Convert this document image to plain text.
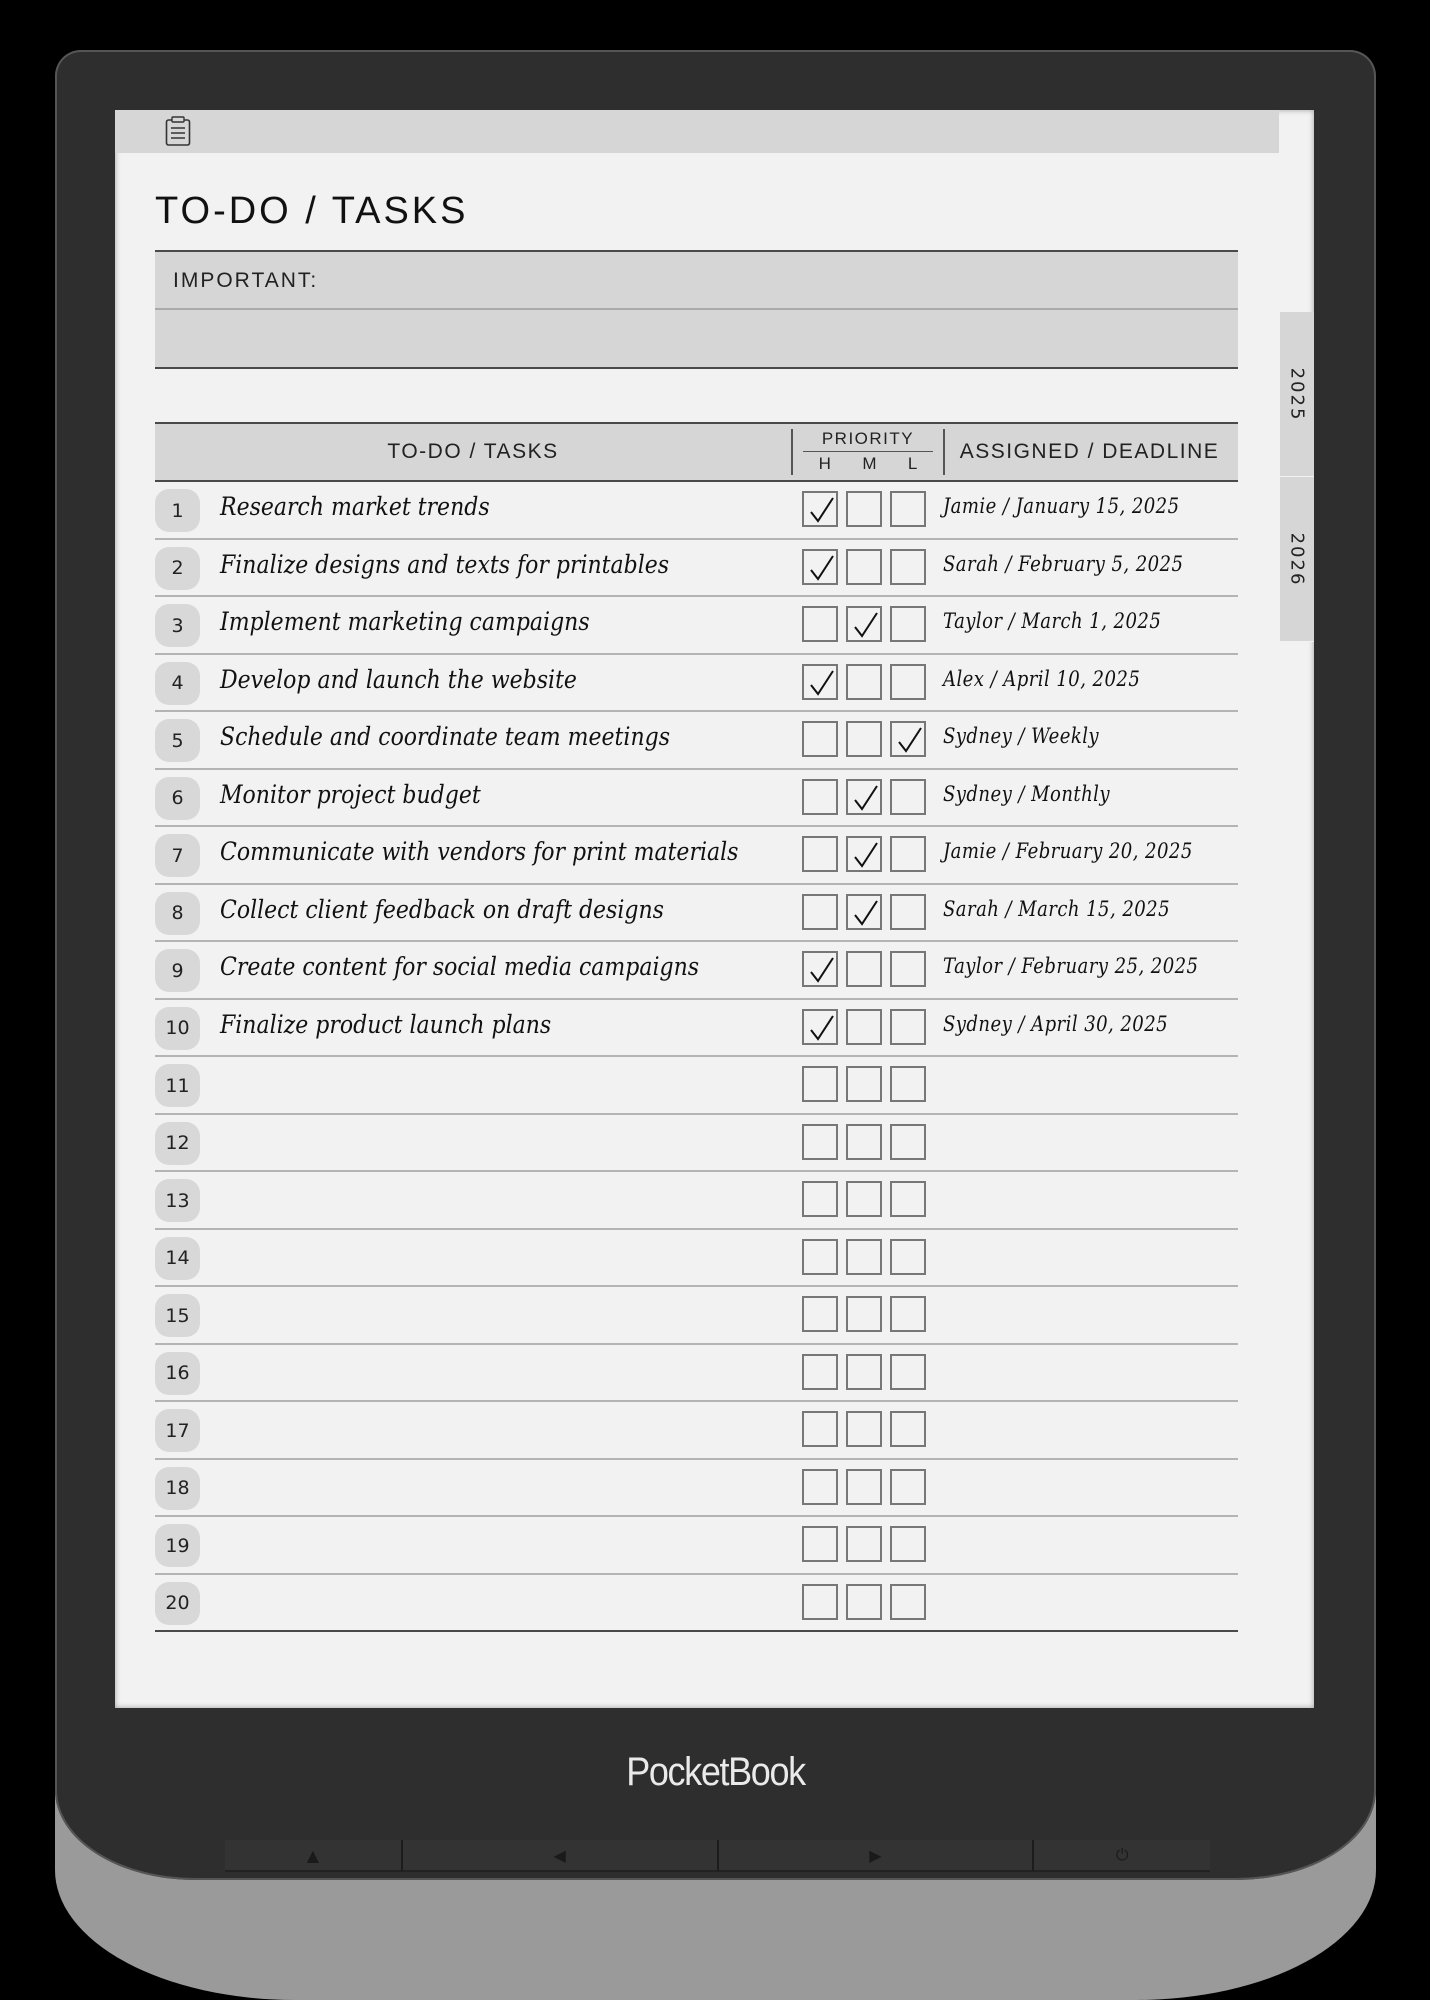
TO-DO / TASKS
IMPORTANT:
2025
2026
TO-DO / TASKS
PRIORITY
H M L
ASSIGNED / DEADLINE
1	Research market trends	Jamie / January 15, 2025
2	Finalize designs and texts for printables	Sarah / February 5, 2025
3	Implement marketing campaigns	Taylor / March 1, 2025
4	Develop and launch the website	Alex / April 10, 2025
5	Schedule and coordinate team meetings	Sydney / Weekly
6	Monitor project budget	Sydney / Monthly
7	Communicate with vendors for print materials	Jamie / February 20, 2025
8	Collect client feedback on draft designs	Sarah / March 15, 2025
9	Create content for social media campaigns	Taylor / February 25, 2025
10	Finalize product launch plans	Sydney / April 30, 2025
11
12
13
14
15
16
17
18
19
20
PocketBook
▲	◀	▶	⏻
